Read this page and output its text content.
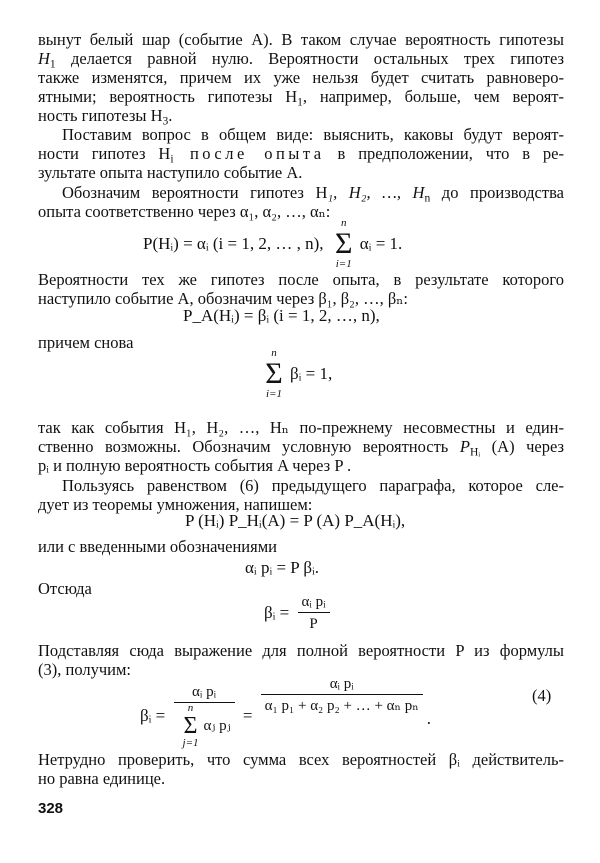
вынут белый шар (событие A). В таком случае вероятность гипотезы
$H_1$ делается равной нулю. Вероятности остальных трех гипотез
также изменятся, причем их уже нельзя будет считать равноверо-
ятными; вероятность гипотезы $H_1$, например, больше, чем вероят-
ность гипотезы $H_3$.
Поставим вопрос в общем виде: выяснить, каковы будут вероят-
ности гипотез $H_i$ после опыта в предположении, что в ре-
зультате опыта наступило событие A.
Обозначим вероятности гипотез H₁, H₂, …, $H_n$ до производства
опыта соответственно через α₁, α₂, …, αₙ:
P(Hᵢ) = αᵢ (i = 1, 2, … , n),
n
Σ
i=1
αᵢ = 1.
Вероятности тех же гипотез после опыта, в результате которого
наступило событие A, обозначим через β₁, β₂, …, βₙ:
P_A(Hᵢ) = βᵢ (i = 1, 2, …, n),
причем снова
n
Σ
i=1
βᵢ = 1,
так как события H₁, H₂, …, Hₙ по-прежнему несовместны и един-
ственно возможны. Обозначим условную вероятность $P_{Hᵢ}$ (A) через
pᵢ и полную вероятность события A через P .
Пользуясь равенством (6) предыдущего параграфа, которое сле-
дует из теоремы умножения, напишем:
P (Hᵢ) P_Hᵢ(A) = P (A) P_A(Hᵢ),
или с введенными обозначениями
αᵢ pᵢ = P βᵢ.
Отсюда
βᵢ = $\frac{\text{αᵢ pᵢ}}{P}$
Подставляя сюда выражение для полной вероятности P из формулы
(3), получим:
βᵢ = αᵢ pᵢ
n
Σ
j=1
αⱼ pⱼ =
$\frac{\text{αᵢ pᵢ}}{\text{α₁ p₁ + α₂ p₂ + … + αₙ pₙ}}$
.
(4)
Нетрудно проверить, что сумма всех вероятностей βᵢ действитель-
но равна единице.
328
